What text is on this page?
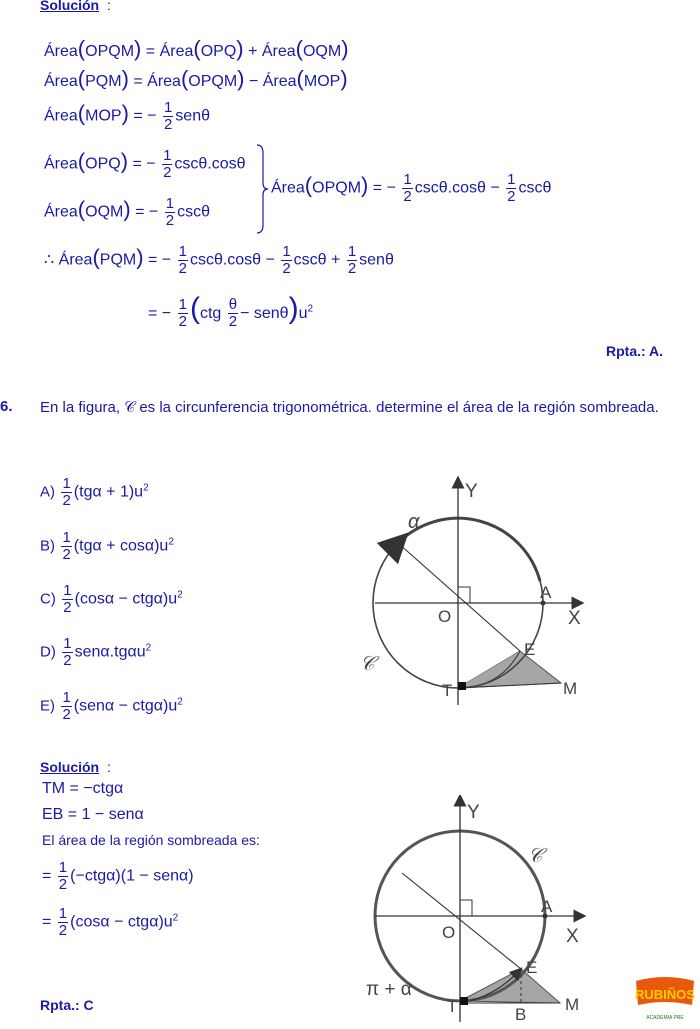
Solución :
Área(OPQM) = Área(OPQ) + Área(OQM)
Área(PQM) = Área(OPQM) − Área(MOP)
Área(MOP) = − $\frac{1}{2}$ senθ
Área(OPQ) = − $\frac{1}{2} \csc\theta.\cos\theta$
Área(OQM) = − $\frac{1}{2}$ cscθ
Área(OPQM) = − $\frac{1}{2} \csc\theta.\cos\theta - \frac{1}{2}$ cscθ
∴ Área(PQM) = − $\frac{1}{2} \csc\theta.\cos\theta - \frac{1}{2}$ $\csc\theta + \frac{1}{2}$ senθ
= − $\frac{1}{2} (ctg \frac{\theta}{2} - sen\theta)u^2$
Rpta.: A.
6. En la figura, 𝒞 es la circunferencia trigonométrica. determine el área de la región sombreada.
$A) \frac{1}{2} (tg\alpha + 1)u^2$
$B) \frac{1}{2} (tg\alpha + \cos\alpha)u^2$
$C) \frac{1}{2} (\cos\alpha - ctg\alpha)u^2$
$D) \frac{1}{2} sen\alpha.tg\alpha u^2$
$E) \frac{1}{2} (sen\alpha - ctg\alpha)u^2$
Y
X
O
A
E
T	M
𝒞
α
Solución :
TM = −ctgα
EB = 1 − senα
El área de la región sombreada es:
= $\frac{1}{2} (-ctg\alpha)(1 - sen\alpha)$
= $\frac{1}{2} (\cos\alpha - ctg\alpha)u^2$
Rpta.: C
Y
X
O
A
E
T	B
M
𝒞
π + α	RUBIÑOS
ACADEMIA PRE
